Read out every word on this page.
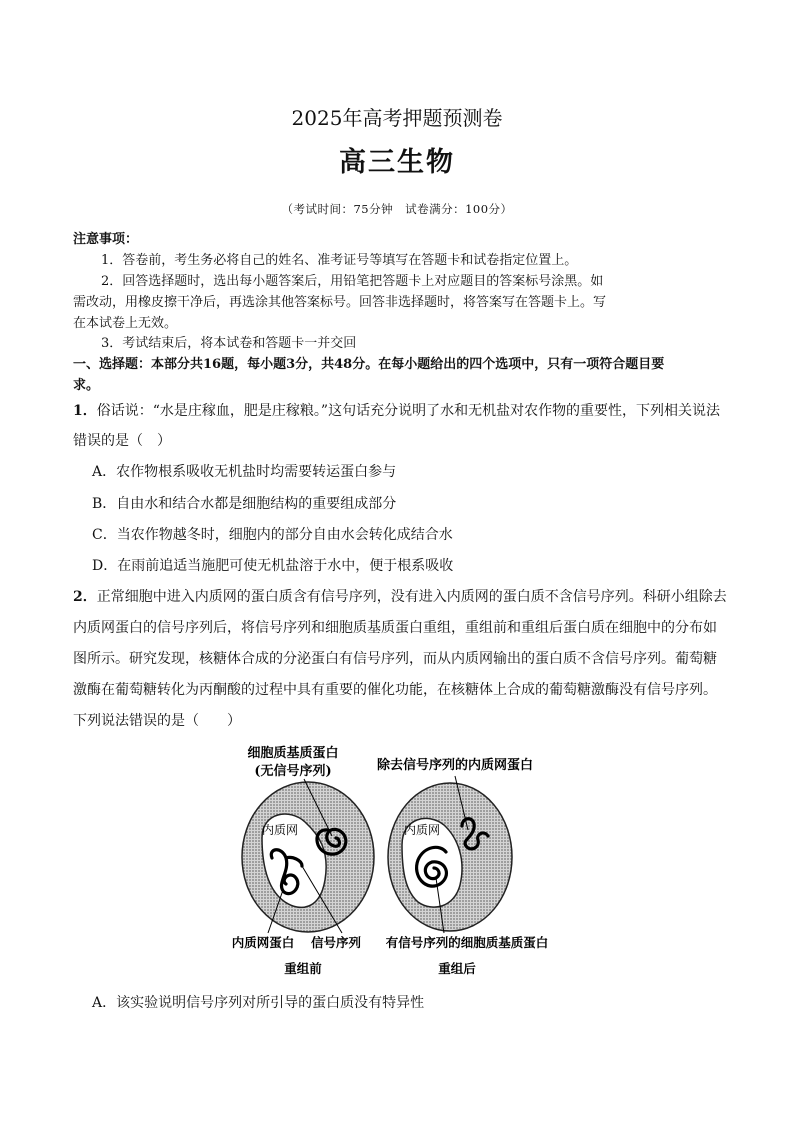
2025年高考押题预测卷
高三生物
（考试时间：75分钟　试卷满分：100分）
注意事项：
1．答卷前，考生务必将自己的姓名、准考证号等填写在答题卡和试卷指定位置上。
2．回答选择题时，选出每小题答案后，用铅笔把答题卡上对应题目的答案标号涂黑。如
需改动，用橡皮擦干净后，再选涂其他答案标号。回答非选择题时，将答案写在答题卡上。写
在本试卷上无效。
3．考试结束后，将本试卷和答题卡一并交回
一、选择题：本部分共16题，每小题3分，共48分。在每小题给出的四个选项中，只有一项符合题目要
求。
1．俗话说：“水是庄稼血，肥是庄稼粮。”这句话充分说明了水和无机盐对农作物的重要性，下列相关说法
错误的是（　）
A．农作物根系吸收无机盐时均需要转运蛋白参与
B．自由水和结合水都是细胞结构的重要组成部分
C．当农作物越冬时，细胞内的部分自由水会转化成结合水
D．在雨前追适当施肥可使无机盐溶于水中，便于根系吸收
2．正常细胞中进入内质网的蛋白质含有信号序列，没有进入内质网的蛋白质不含信号序列。科研小组除去
内质网蛋白的信号序列后，将信号序列和细胞质基质蛋白重组，重组前和重组后蛋白质在细胞中的分布如
图所示。研究发现，核糖体合成的分泌蛋白有信号序列，而从内质网输出的蛋白质不含信号序列。葡萄糖
激酶在葡萄糖转化为丙酮酸的过程中具有重要的催化功能，在核糖体上合成的葡萄糖激酶没有信号序列。
下列说法错误的是（　　）
细胞质基质蛋白
(无信号序列)	除去信号序列的内质网蛋白
内质网	内质网
内质网蛋白 信号序列 有信号序列的细胞质基质蛋白
重组前	重组后
A．该实验说明信号序列对所引导的蛋白质没有特异性
